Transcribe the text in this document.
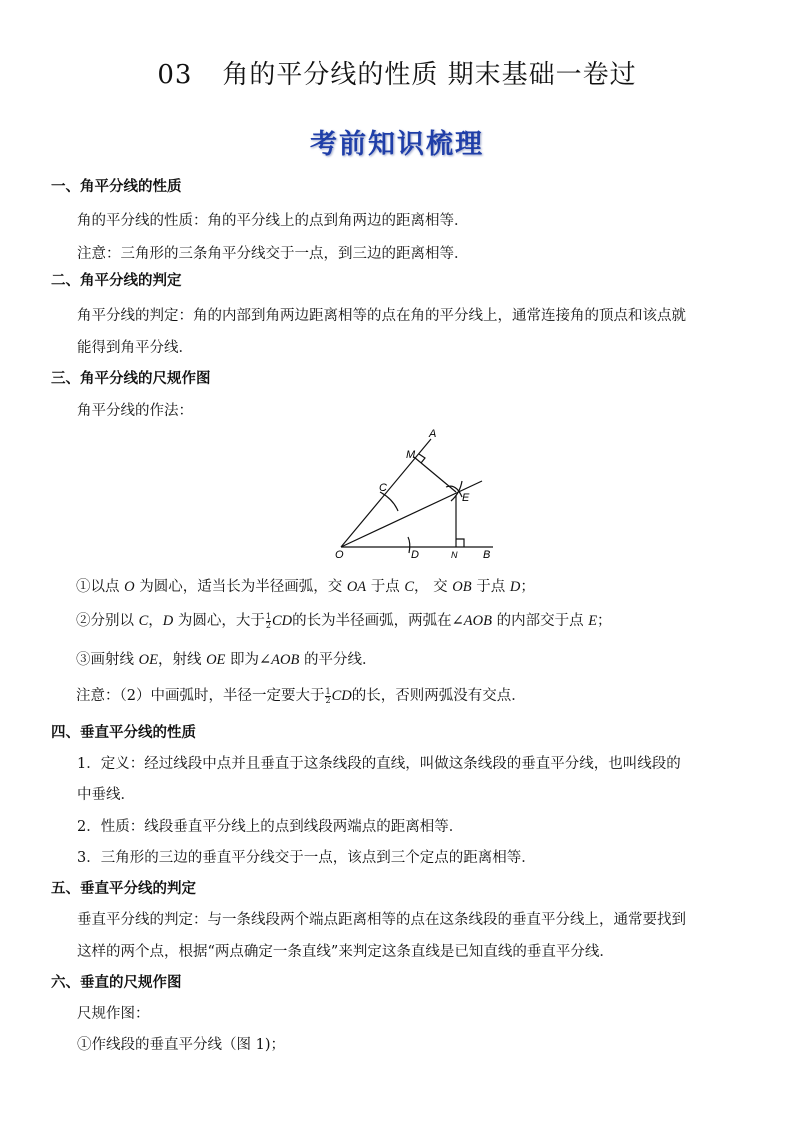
03 角的平分线的性质 期末基础一卷过
考前知识梳理
一、角平分线的性质
角的平分线的性质：角的平分线上的点到角两边的距离相等．
注意：三角形的三条角平分线交于一点，到三边的距离相等．
二、角平分线的判定
角平分线的判定：角的内部到角两边距离相等的点在角的平分线上，通常连接角的顶点和该点就
能得到角平分线．
三、角平分线的尺规作图
角平分线的作法：
A
M
C
E
O	D	N B
①以点 O 为圆心，适当长为半径画弧，交 OA 于点 C， 交 OB 于点 D；
②分别以 C，D 为圆心，大于 $\frac{1}{2}$ CD的长为半径画弧，两弧在∠AOB 的内部交于点 E；
③画射线 OE，射线 OE 即为∠AOB 的平分线．
注意：（2）中画弧时，半径一定要大于 $\frac{1}{2}$ CD的长，否则两弧没有交点．
四、垂直平分线的性质
1．定义：经过线段中点并且垂直于这条线段的直线，叫做这条线段的垂直平分线，也叫线段的
中垂线．
2．性质：线段垂直平分线上的点到线段两端点的距离相等．
3．三角形的三边的垂直平分线交于一点，该点到三个定点的距离相等．
五、垂直平分线的判定
垂直平分线的判定：与一条线段两个端点距离相等的点在这条线段的垂直平分线上，通常要找到
这样的两个点，根据“两点确定一条直线”来判定这条直线是已知直线的垂直平分线．
六、垂直的尺规作图
尺规作图：
①作线段的垂直平分线（图 1)；
